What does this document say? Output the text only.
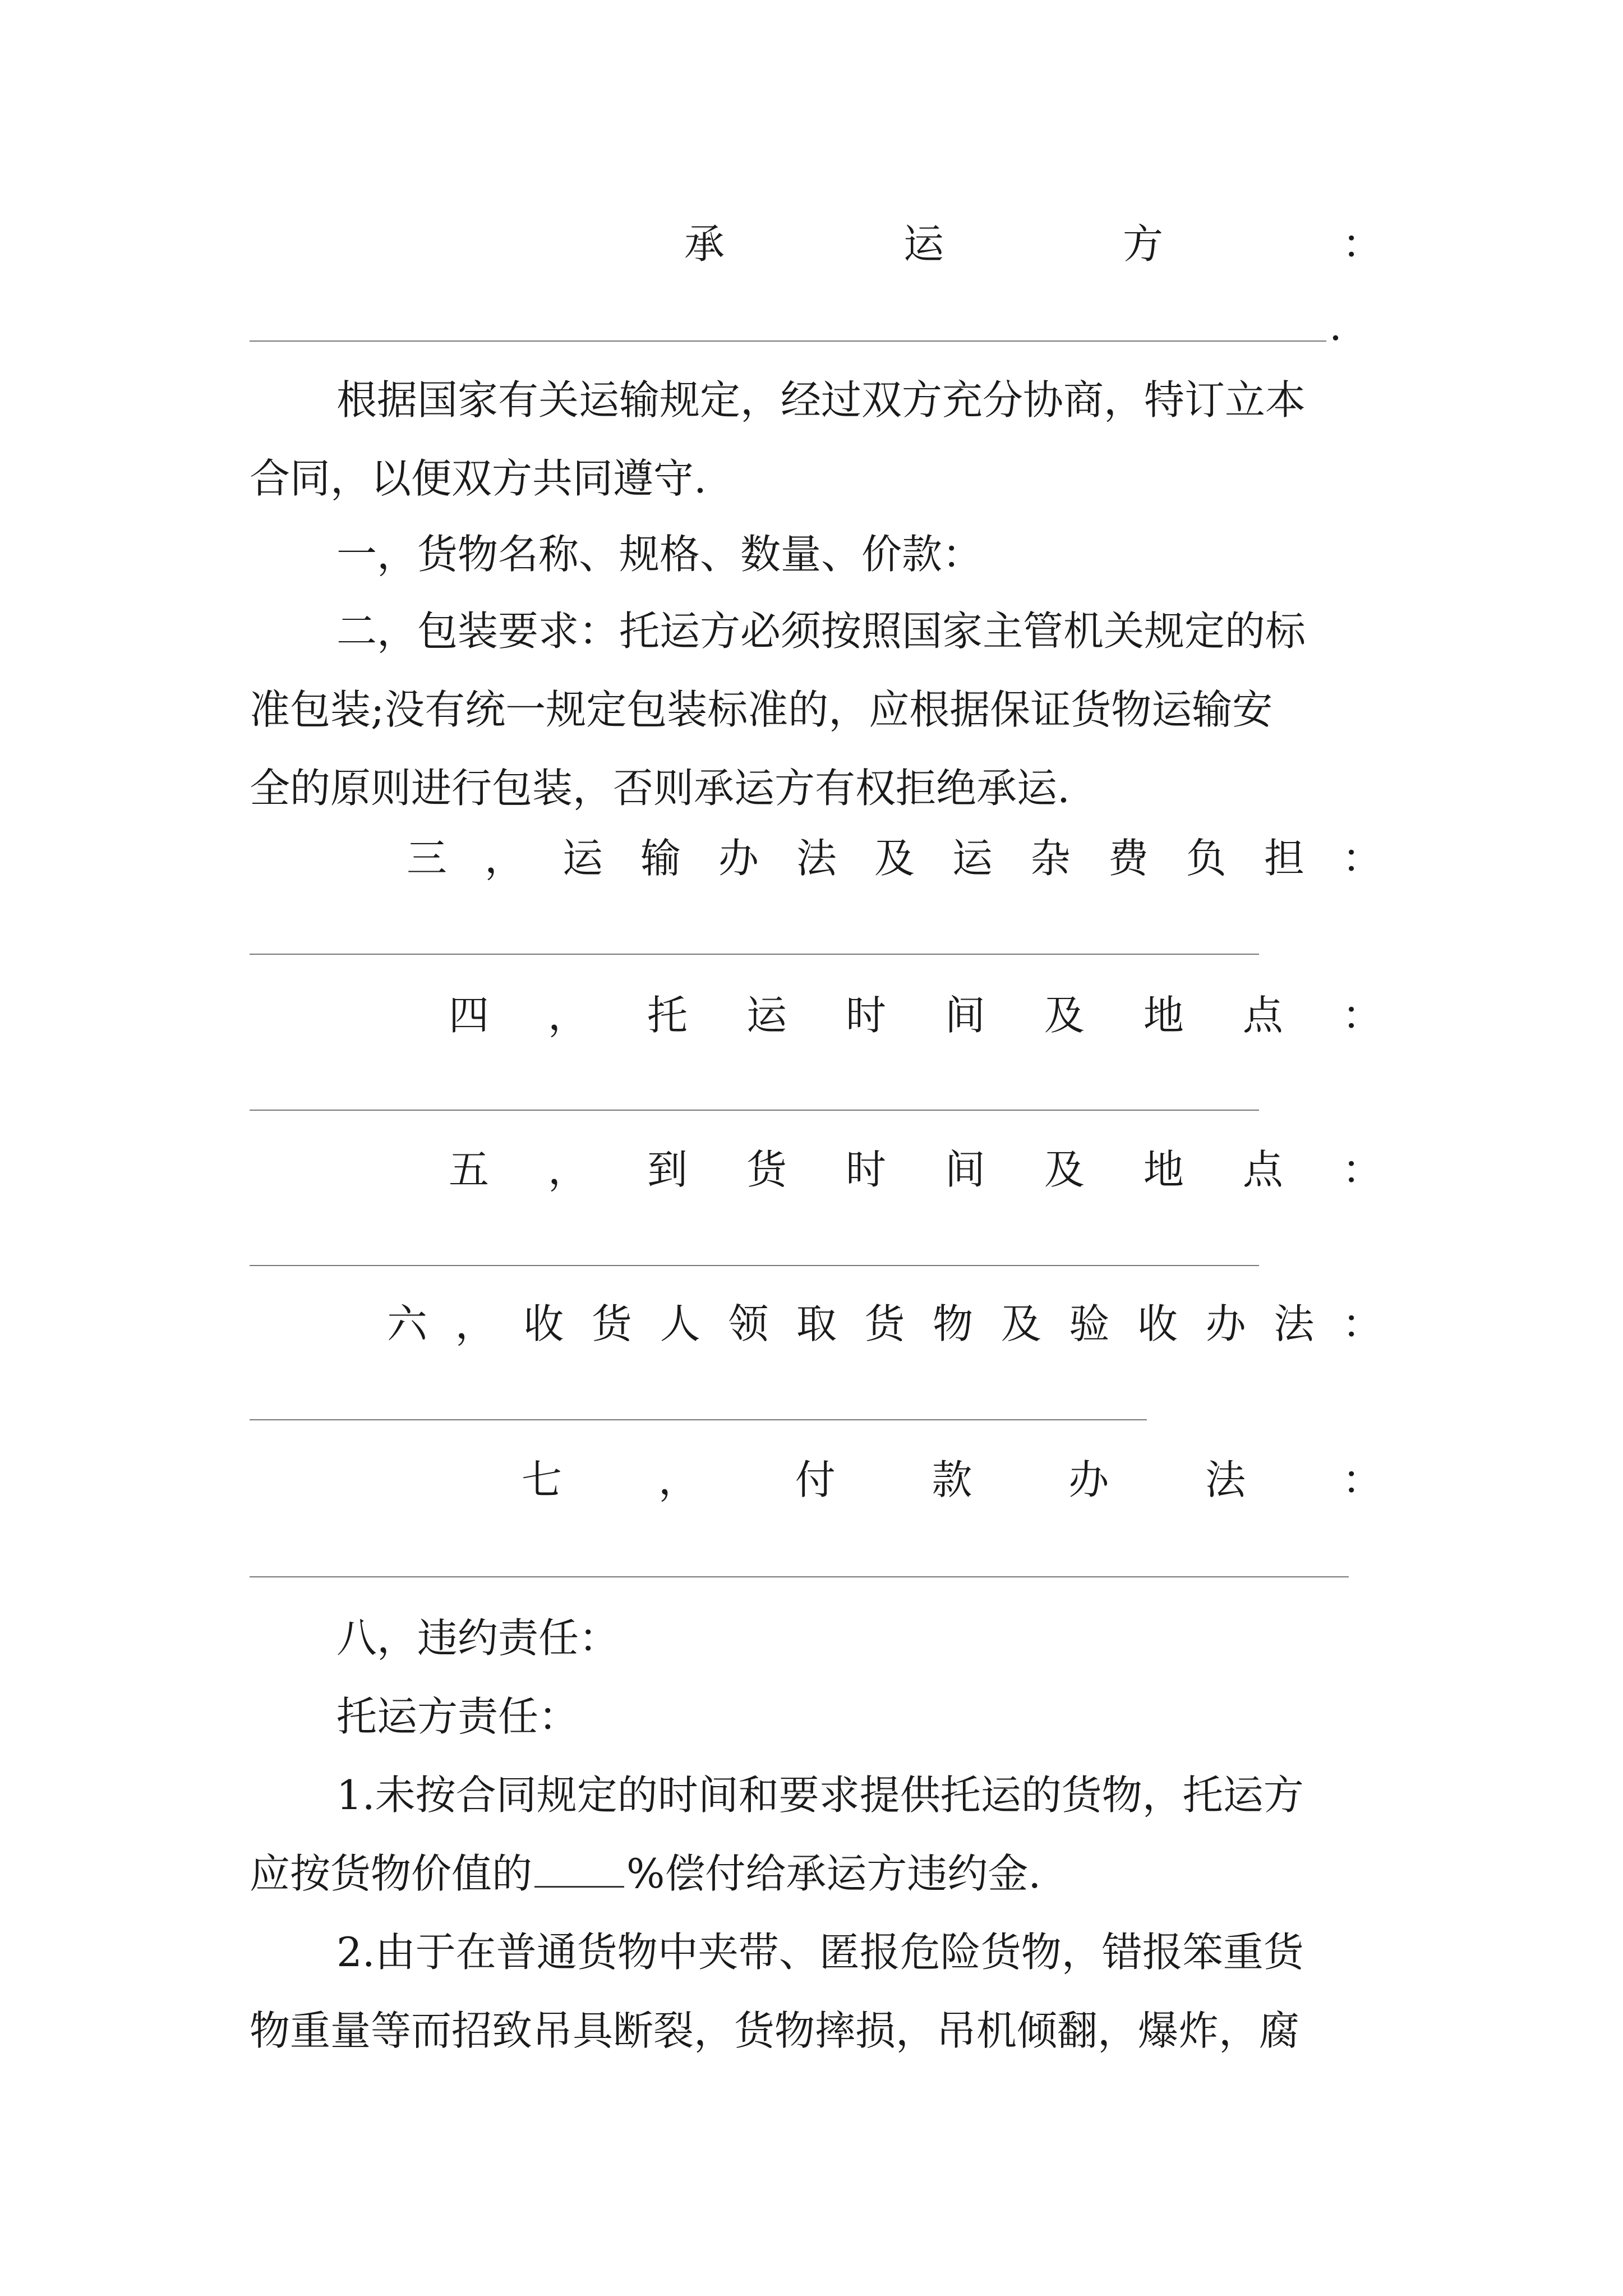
承	运	方	：
.
根据国家有关运输规定，经过双方充分协商，特订立本
合同，以便双方共同遵守.
一，货物名称、规格、数量、价款：
二，包装要求：托运方必须按照国家主管机关规定的标
准包装;没有统一规定包装标准的，应根据保证货物运输安
全的原则进行包装，否则承运方有权拒绝承运.
三 ， 运 输 办 法 及 运 杂 费 负 担 ：
四 ， 托 运 时 间 及 地 点 ：
五 ， 到 货 时 间 及 地 点 ：
六 ， 收 货 人 领 取 货 物 及 验 收 办 法 ：
七 ， 付 款 办 法 ：
八，违约责任：
托运方责任：
1.未按合同规定的时间和要求提供托运的货物，托运方
应按货物价值的 %偿付给承运方违约金.
2.由于在普通货物中夹带、匿报危险货物，错报笨重货
物重量等而招致吊具断裂，货物摔损，吊机倾翻，爆炸，腐
